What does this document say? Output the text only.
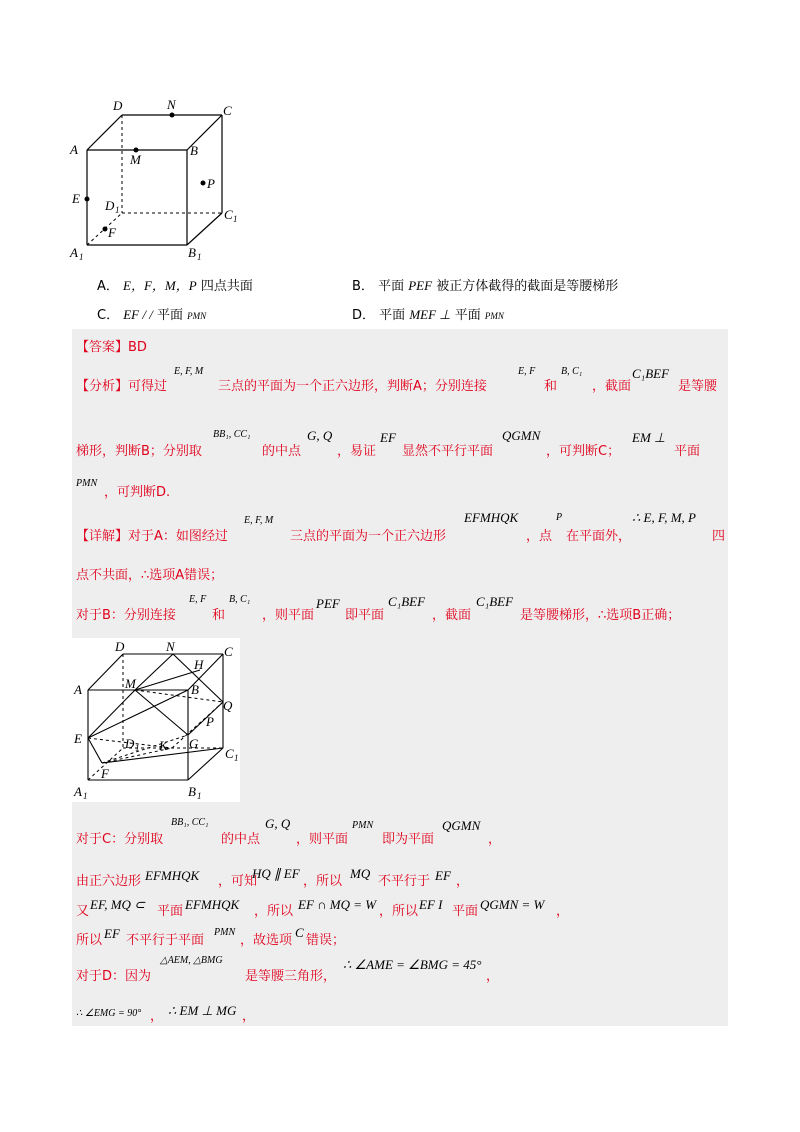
D	N	C
A
M
B
P
E D 1	C 1
F
A 1	B 1
A． E，F，M，P 四点共面	B． 平面 PEF 被正方体截得的截面是等腰梯形
C． EF / / 平面 PMN	D． 平面 MEF ⊥ 平面 PMN
【答案】BD
【分析】可得过
E, F, M
三点的平面为一个正六边形，判断A；分别连接
E, F
和
B, C₁
，截面
C₁BEF
是等腰
梯形，判断B；分别取
BB₁, CC₁
的中点
G, Q
，易证
EF
显然不平行平面
QGMN
，可判断C；
EM ⊥
平面
PMN
，可判断D.
【详解】对于A：如图经过
E, F, M
三点的平面为一个正六边形
EFMHQK
，点
P
在平面外，
∴ E, F, M, P
四
点不共面，∴选项A错误；
对于B：分别连接
E, F
和
B, C₁
，则平面
PEF
即平面
C₁BEF
，截面
C₁BEF
是等腰梯形，∴选项B正确；
D	N	C
H
A	M	B
Q
P
E	D 1 K G
C 1
F
A 1	B 1
对于C：分别取
BB₁, CC₁
的中点
G, Q
，则平面
PMN
即为平面
QGMN
，
由正六边形 EFMHQK ，可知
HQ ∥ EF
，所以
MQ
不平行于 EF ，
又 EF, MQ ⊂ 平面 EFMHQK ，所以 EF ∩ MQ = W ，所以 EF I 平面 QGMN = W ，
所以 EF 不平行于平面
PMN
，故选项
C
错误；
对于D：因为
△AEM, △BMG
是等腰三角形，
∴ ∠AME = ∠BMG = 45°
，
∴ ∠EMG = 90° ， ∴ EM ⊥ MG ，
